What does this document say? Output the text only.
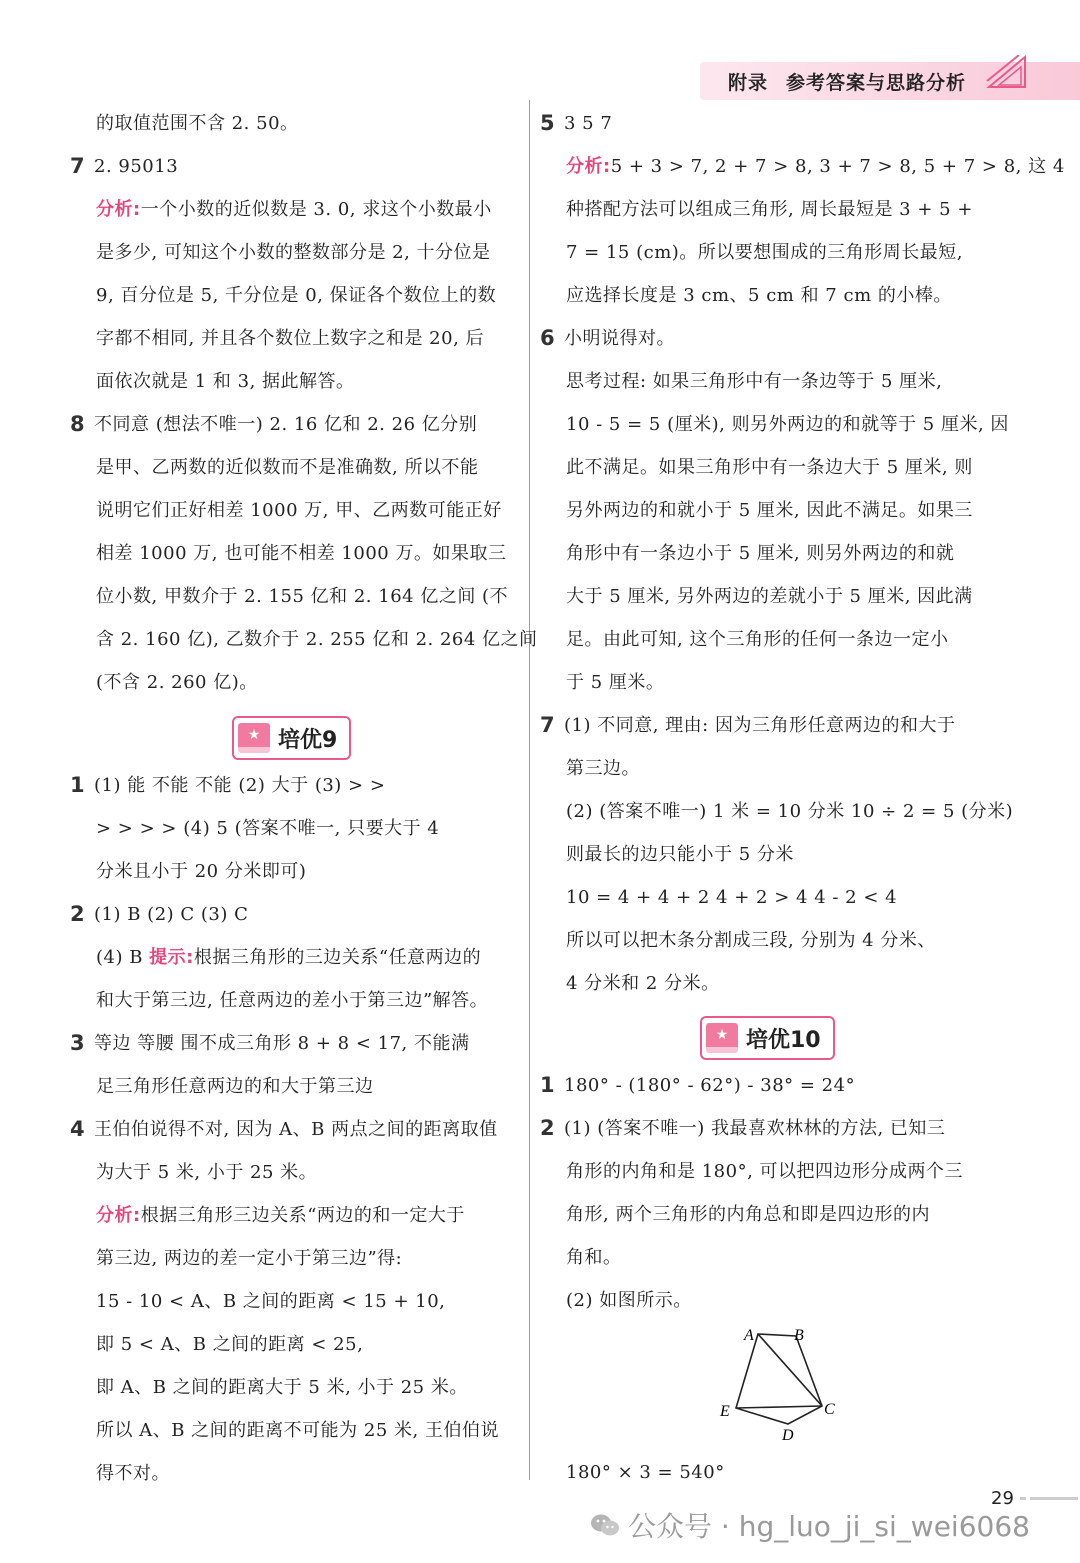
附录 参考答案与思路分析
的取值范围不含 2. 50。
7 2. 95013
分析:一个小数的近似数是 3. 0, 求这个小数最小
是多少, 可知这个小数的整数部分是 2, 十分位是
9, 百分位是 5, 千分位是 0, 保证各个数位上的数
字都不相同, 并且各个数位上数字之和是 20, 后
面依次就是 1 和 3, 据此解答。
8 不同意 (想法不唯一) 2. 16 亿和 2. 26 亿分别
是甲、乙两数的近似数而不是准确数, 所以不能
说明它们正好相差 1000 万, 甲、乙两数可能正好
相差 1000 万, 也可能不相差 1000 万。如果取三
位小数, 甲数介于 2. 155 亿和 2. 164 亿之间 (不
含 2. 160 亿), 乙数介于 2. 255 亿和 2. 264 亿之间
(不含 2. 260 亿)。
1 (1) 能 不能 不能 (2) 大于 (3) > >
> > > > (4) 5 (答案不唯一, 只要大于 4
分米且小于 20 分米即可)
2 (1) B (2) C (3) C
(4) B 提示:根据三角形的三边关系“任意两边的
和大于第三边, 任意两边的差小于第三边”解答。
3 等边 等腰 围不成三角形 8 + 8 < 17, 不能满
足三角形任意两边的和大于第三边
4 王伯伯说得不对, 因为 A、B 两点之间的距离取值
为大于 5 米, 小于 25 米。
分析:根据三角形三边关系“两边的和一定大于
第三边, 两边的差一定小于第三边”得:
15 - 10 < A、B 之间的距离 < 15 + 10,
即 5 < A、B 之间的距离 < 25,
即 A、B 之间的距离大于 5 米, 小于 25 米。
所以 A、B 之间的距离不可能为 25 米, 王伯伯说
得不对。
5 3 5 7
分析:5 + 3 > 7, 2 + 7 > 8, 3 + 7 > 8, 5 + 7 > 8, 这 4
种搭配方法可以组成三角形, 周长最短是 3 + 5 +
7 = 15 (cm)。所以要想围成的三角形周长最短,
应选择长度是 3 cm、5 cm 和 7 cm 的小棒。
6 小明说得对。
思考过程: 如果三角形中有一条边等于 5 厘米,
10 - 5 = 5 (厘米), 则另外两边的和就等于 5 厘米, 因
此不满足。如果三角形中有一条边大于 5 厘米, 则
另外两边的和就小于 5 厘米, 因此不满足。如果三
角形中有一条边小于 5 厘米, 则另外两边的和就
大于 5 厘米, 另外两边的差就小于 5 厘米, 因此满
足。由此可知, 这个三角形的任何一条边一定小
于 5 厘米。
7 (1) 不同意, 理由: 因为三角形任意两边的和大于
第三边。
(2) (答案不唯一) 1 米 = 10 分米 10 ÷ 2 = 5 (分米)
则最长的边只能小于 5 分米
10 = 4 + 4 + 2 4 + 2 > 4 4 - 2 < 4
所以可以把木条分割成三段, 分别为 4 分米、
4 分米和 2 分米。
1 180° - (180° - 62°) - 38° = 24°
2 (1) (答案不唯一) 我最喜欢林林的方法, 已知三
角形的内角和是 180°, 可以把四边形分成两个三
角形, 两个三角形的内角总和即是四边形的内
角和。
(2) 如图所示。
180° × 3 = 540°
★ 培优9
★ 培优10
A	B
C
D
E
29
公众号 · hg_luo_ji_si_wei6068
